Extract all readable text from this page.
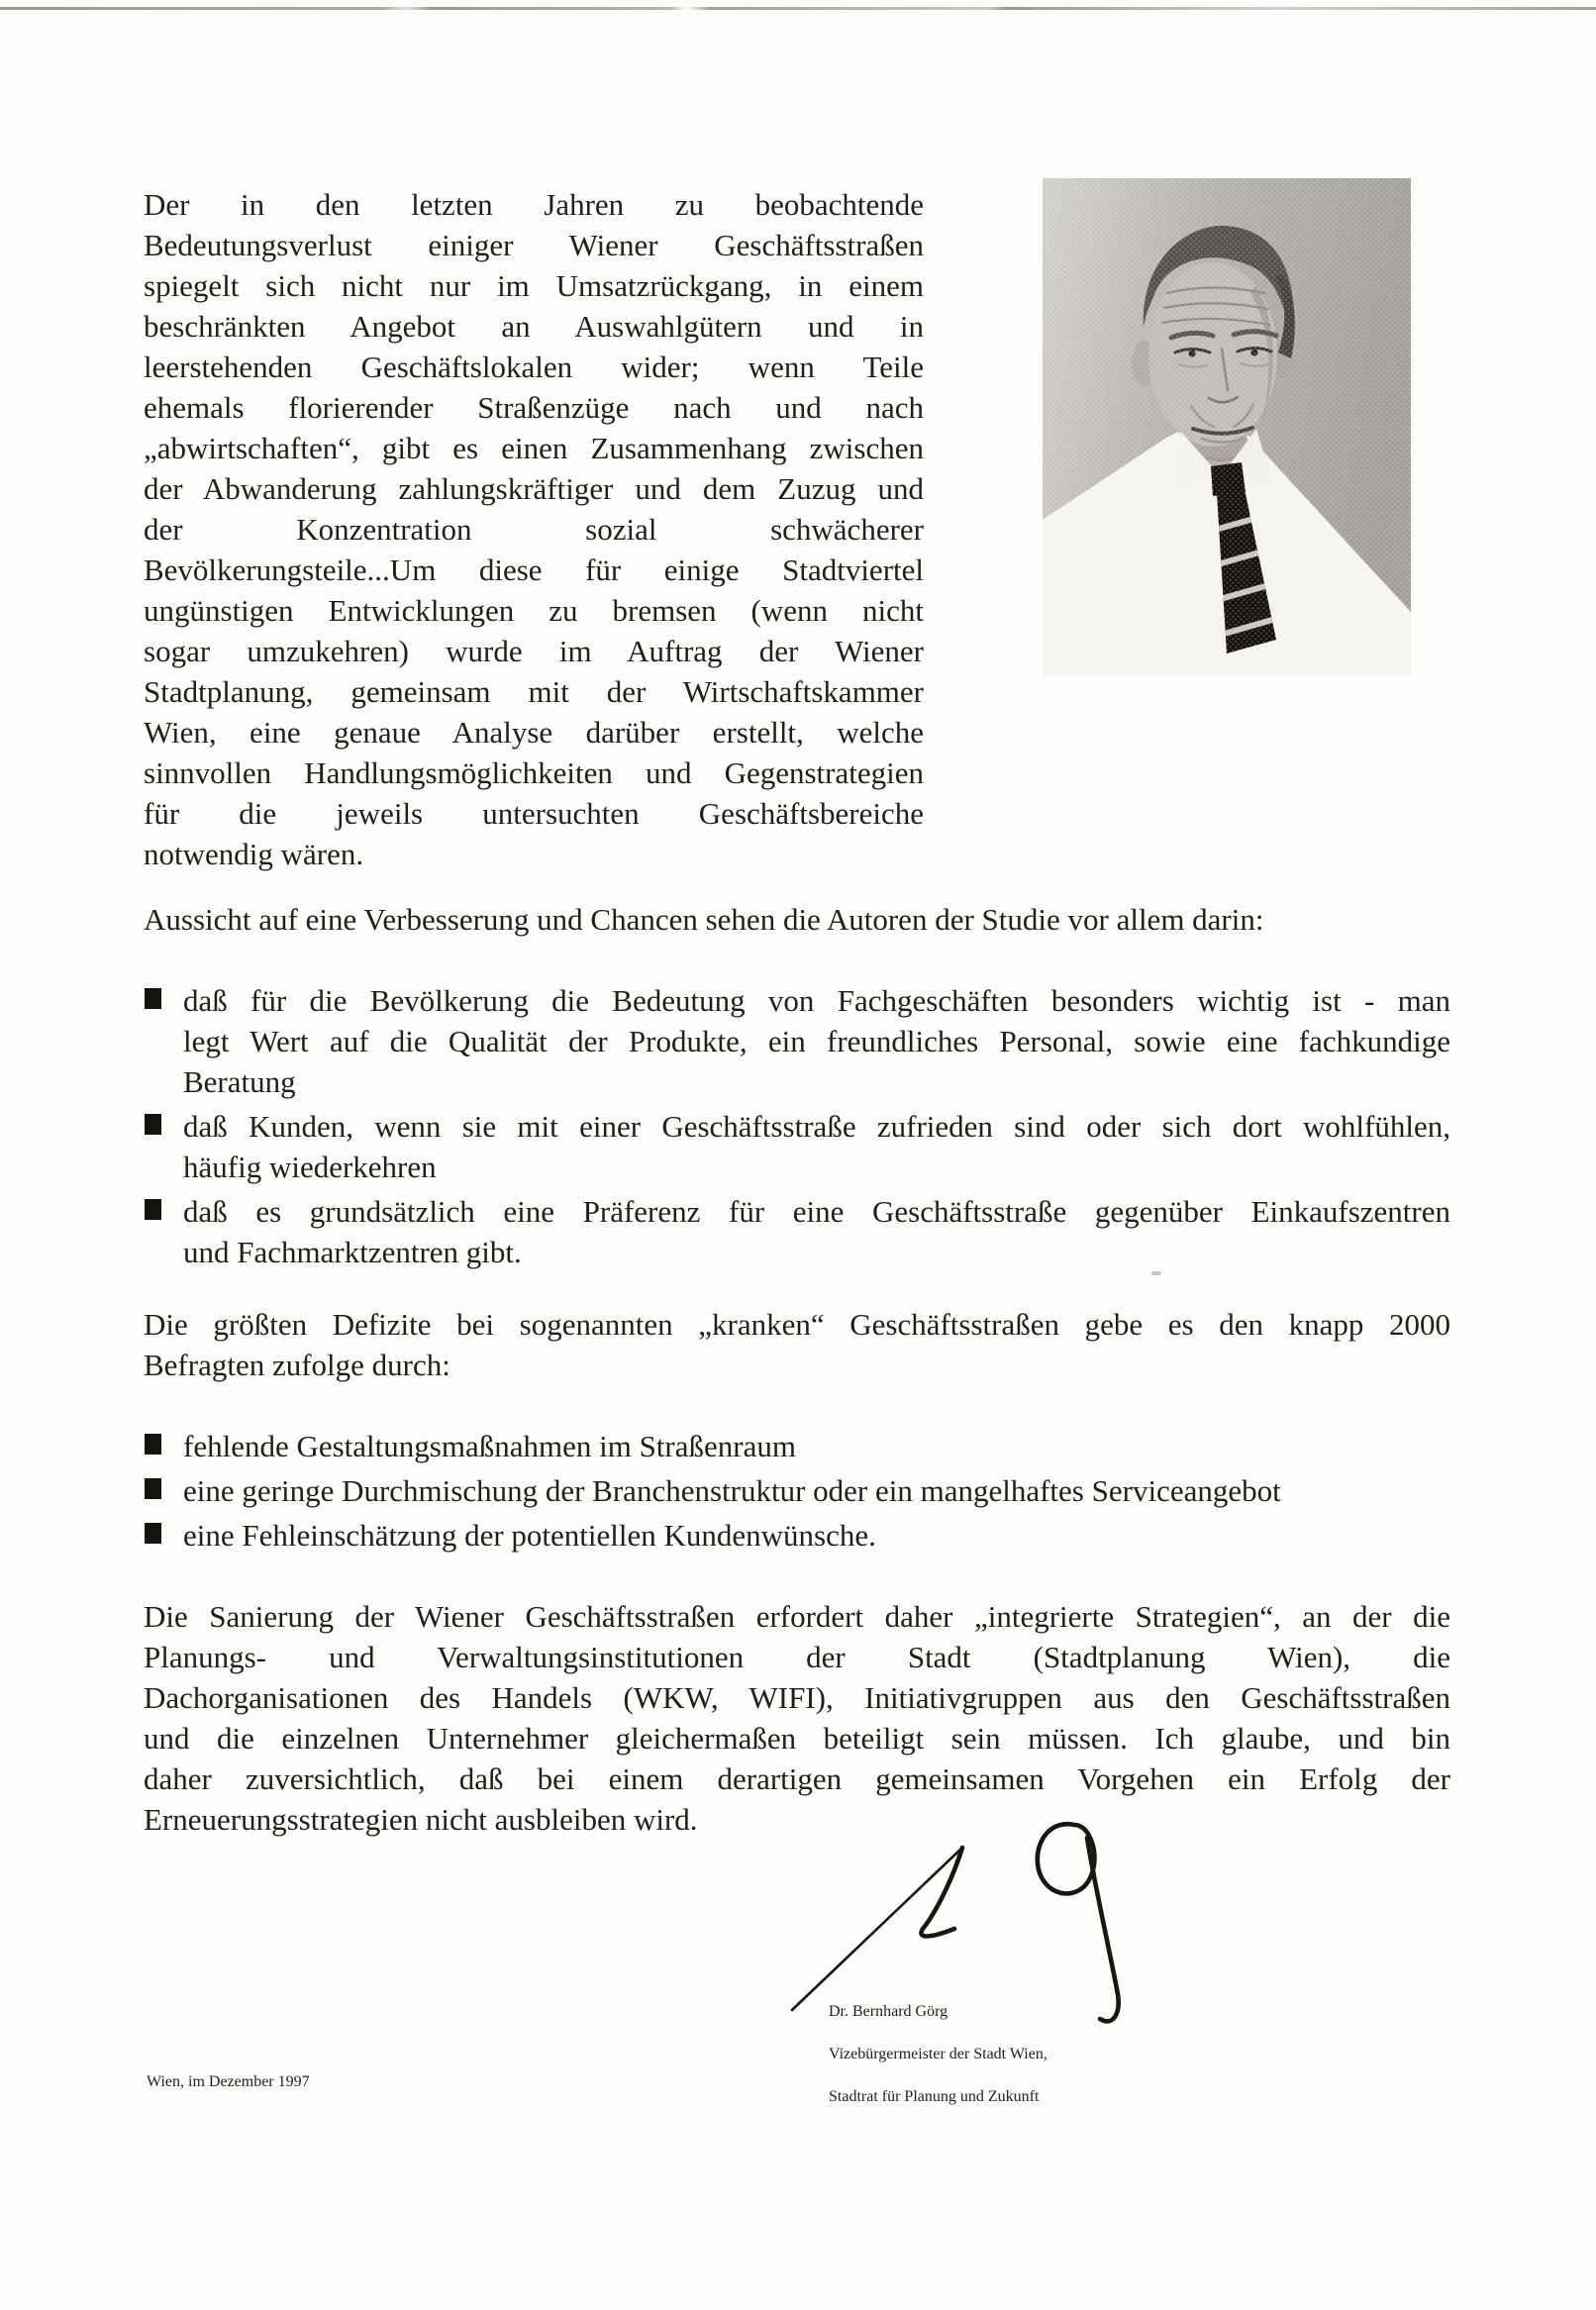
Der in den letzten Jahren zu beobachtende
Bedeutungsverlust einiger Wiener Geschäftsstraßen
spiegelt sich nicht nur im Umsatzrückgang, in einem
beschränkten Angebot an Auswahlgütern und in
leerstehenden Geschäftslokalen wider; wenn Teile
ehemals florierender Straßenzüge nach und nach
„abwirtschaften“, gibt es einen Zusammenhang zwischen
der Abwanderung zahlungskräftiger und dem Zuzug und
der Konzentration sozial schwächerer
Bevölkerungsteile...Um diese für einige Stadtviertel
ungünstigen Entwicklungen zu bremsen (wenn nicht
sogar umzukehren) wurde im Auftrag der Wiener
Stadtplanung, gemeinsam mit der Wirtschaftskammer
Wien, eine genaue Analyse darüber erstellt, welche
sinnvollen Handlungsmöglichkeiten und Gegenstrategien
für die jeweils untersuchten Geschäftsbereiche
notwendig wären.
Aussicht auf eine Verbesserung und Chancen sehen die Autoren der Studie vor allem darin:
daß für die Bevölkerung die Bedeutung von Fachgeschäften besonders wichtig ist - man
legt Wert auf die Qualität der Produkte, ein freundliches Personal, sowie eine fachkundige
Beratung
daß Kunden, wenn sie mit einer Geschäftsstraße zufrieden sind oder sich dort wohlfühlen,
häufig wiederkehren
daß es grundsätzlich eine Präferenz für eine Geschäftsstraße gegenüber Einkaufszentren
und Fachmarktzentren gibt.
Die größten Defizite bei sogenannten „kranken“ Geschäftsstraßen gebe es den knapp 2000
Befragten zufolge durch:
fehlende Gestaltungsmaßnahmen im Straßenraum
eine geringe Durchmischung der Branchenstruktur oder ein mangelhaftes Serviceangebot
eine Fehleinschätzung der potentiellen Kundenwünsche.
Die Sanierung der Wiener Geschäftsstraßen erfordert daher „integrierte Strategien“, an der die
Planungs- und Verwaltungsinstitutionen der Stadt (Stadtplanung Wien), die
Dachorganisationen des Handels (WKW, WIFI), Initiativgruppen aus den Geschäftsstraßen
und die einzelnen Unternehmer gleichermaßen beteiligt sein müssen. Ich glaube, und bin
daher zuversichtlich, daß bei einem derartigen gemeinsamen Vorgehen ein Erfolg der
Erneuerungsstrategien nicht ausbleiben wird.
Dr. Bernhard Görg
Vizebürgermeister der Stadt Wien,
Stadtrat für Planung und Zukunft
Wien, im Dezember 1997
